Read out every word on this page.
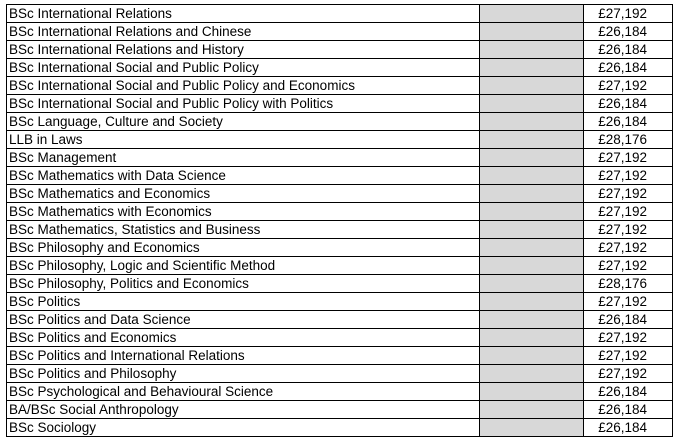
BSc International Relations		£27,192
BSc International Relations and Chinese		£26,184
BSc International Relations and History		£26,184
BSc International Social and Public Policy		£26,184
BSc International Social and Public Policy and Economics		£27,192
BSc International Social and Public Policy with Politics		£26,184
BSc Language, Culture and Society		£26,184
LLB in Laws		£28,176
BSc Management		£27,192
BSc Mathematics with Data Science		£27,192
BSc Mathematics and Economics		£27,192
BSc Mathematics with Economics		£27,192
BSc Mathematics, Statistics and Business		£27,192
BSc Philosophy and Economics		£27,192
BSc Philosophy, Logic and Scientific Method		£27,192
BSc Philosophy, Politics and Economics		£28,176
BSc Politics		£27,192
BSc Politics and Data Science		£26,184
BSc Politics and Economics		£27,192
BSc Politics and International Relations		£27,192
BSc Politics and Philosophy		£27,192
BSc Psychological and Behavioural Science		£26,184
BA/BSc Social Anthropology		£26,184
BSc Sociology		£26,184
